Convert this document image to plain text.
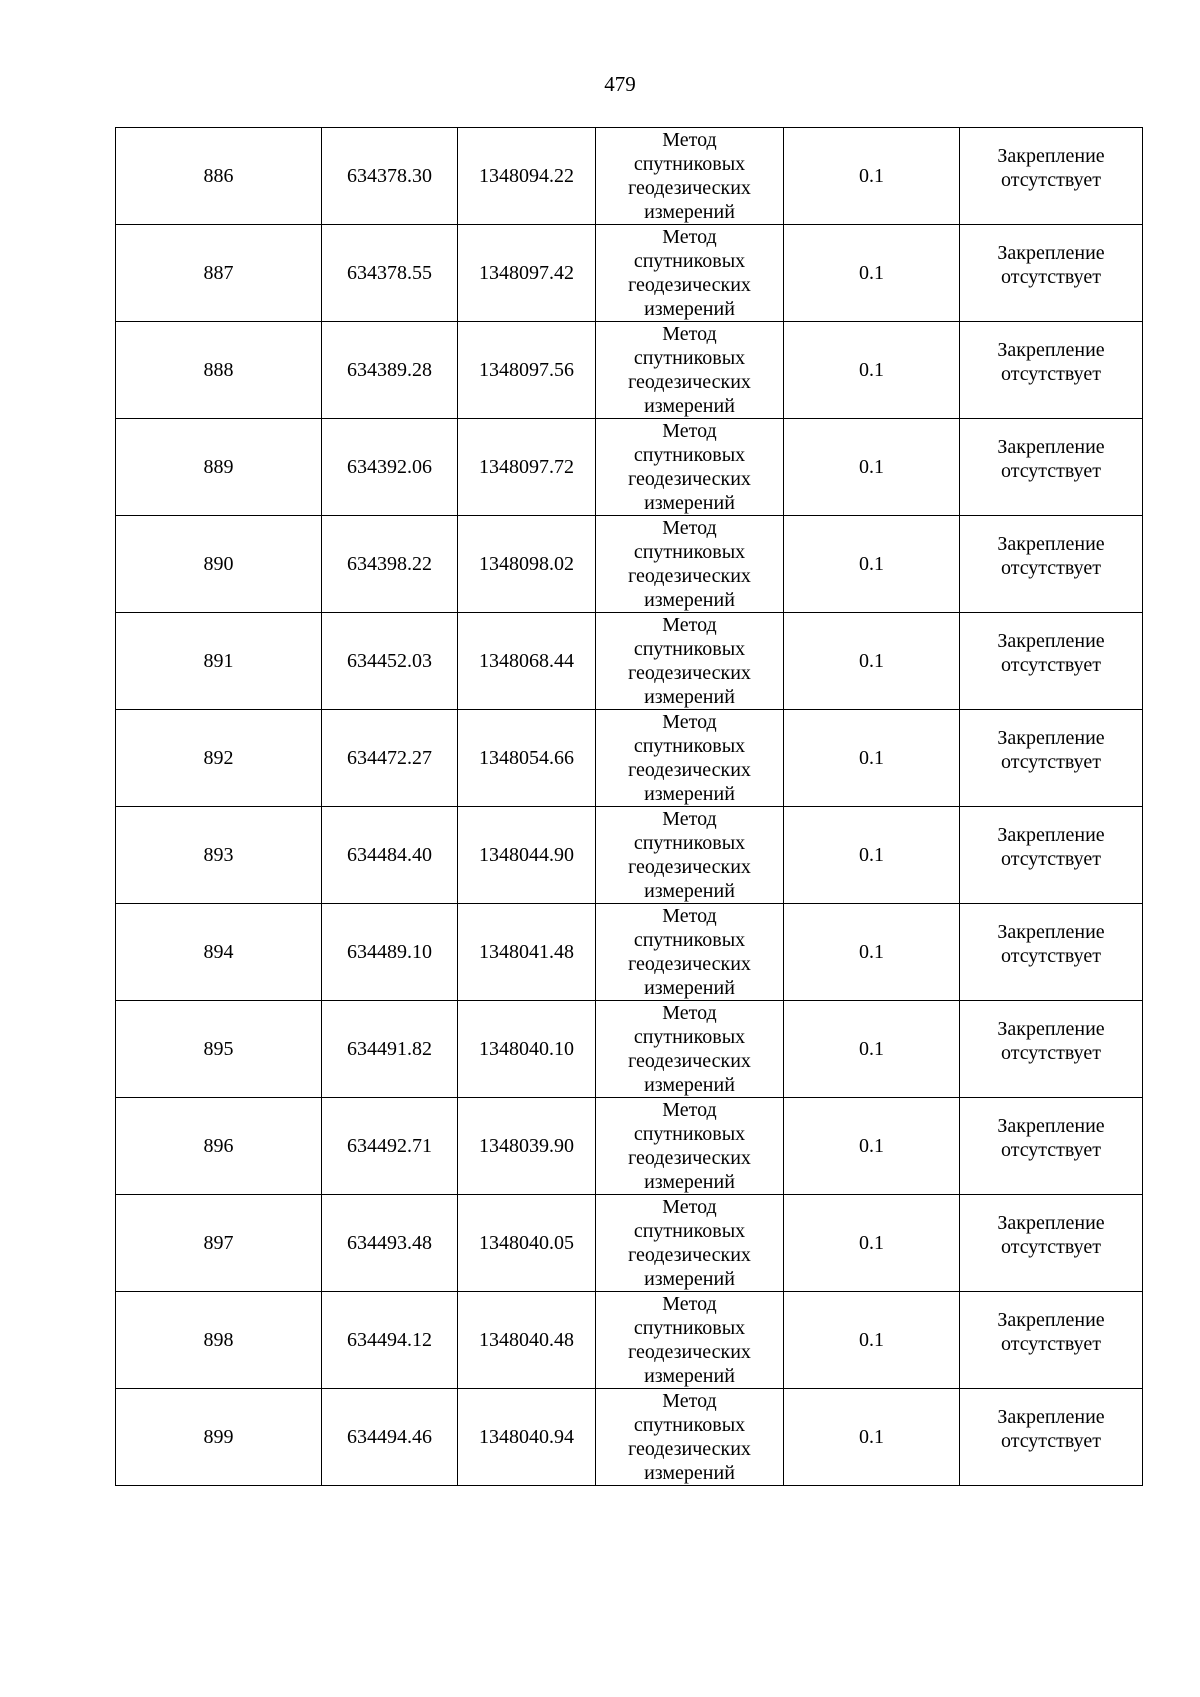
479
886	634378.30	1348094.22	Метод
спутниковых
геодезических
измерений	0.1	Закрепление
отсутствует
887	634378.55	1348097.42	Метод
спутниковых
геодезических
измерений	0.1	Закрепление
отсутствует
888	634389.28	1348097.56	Метод
спутниковых
геодезических
измерений	0.1	Закрепление
отсутствует
889	634392.06	1348097.72	Метод
спутниковых
геодезических
измерений	0.1	Закрепление
отсутствует
890	634398.22	1348098.02	Метод
спутниковых
геодезических
измерений	0.1	Закрепление
отсутствует
891	634452.03	1348068.44	Метод
спутниковых
геодезических
измерений	0.1	Закрепление
отсутствует
892	634472.27	1348054.66	Метод
спутниковых
геодезических
измерений	0.1	Закрепление
отсутствует
893	634484.40	1348044.90	Метод
спутниковых
геодезических
измерений	0.1	Закрепление
отсутствует
894	634489.10	1348041.48	Метод
спутниковых
геодезических
измерений	0.1	Закрепление
отсутствует
895	634491.82	1348040.10	Метод
спутниковых
геодезических
измерений	0.1	Закрепление
отсутствует
896	634492.71	1348039.90	Метод
спутниковых
геодезических
измерений	0.1	Закрепление
отсутствует
897	634493.48	1348040.05	Метод
спутниковых
геодезических
измерений	0.1	Закрепление
отсутствует
898	634494.12	1348040.48	Метод
спутниковых
геодезических
измерений	0.1	Закрепление
отсутствует
899	634494.46	1348040.94	Метод
спутниковых
геодезических
измерений	0.1	Закрепление
отсутствует
